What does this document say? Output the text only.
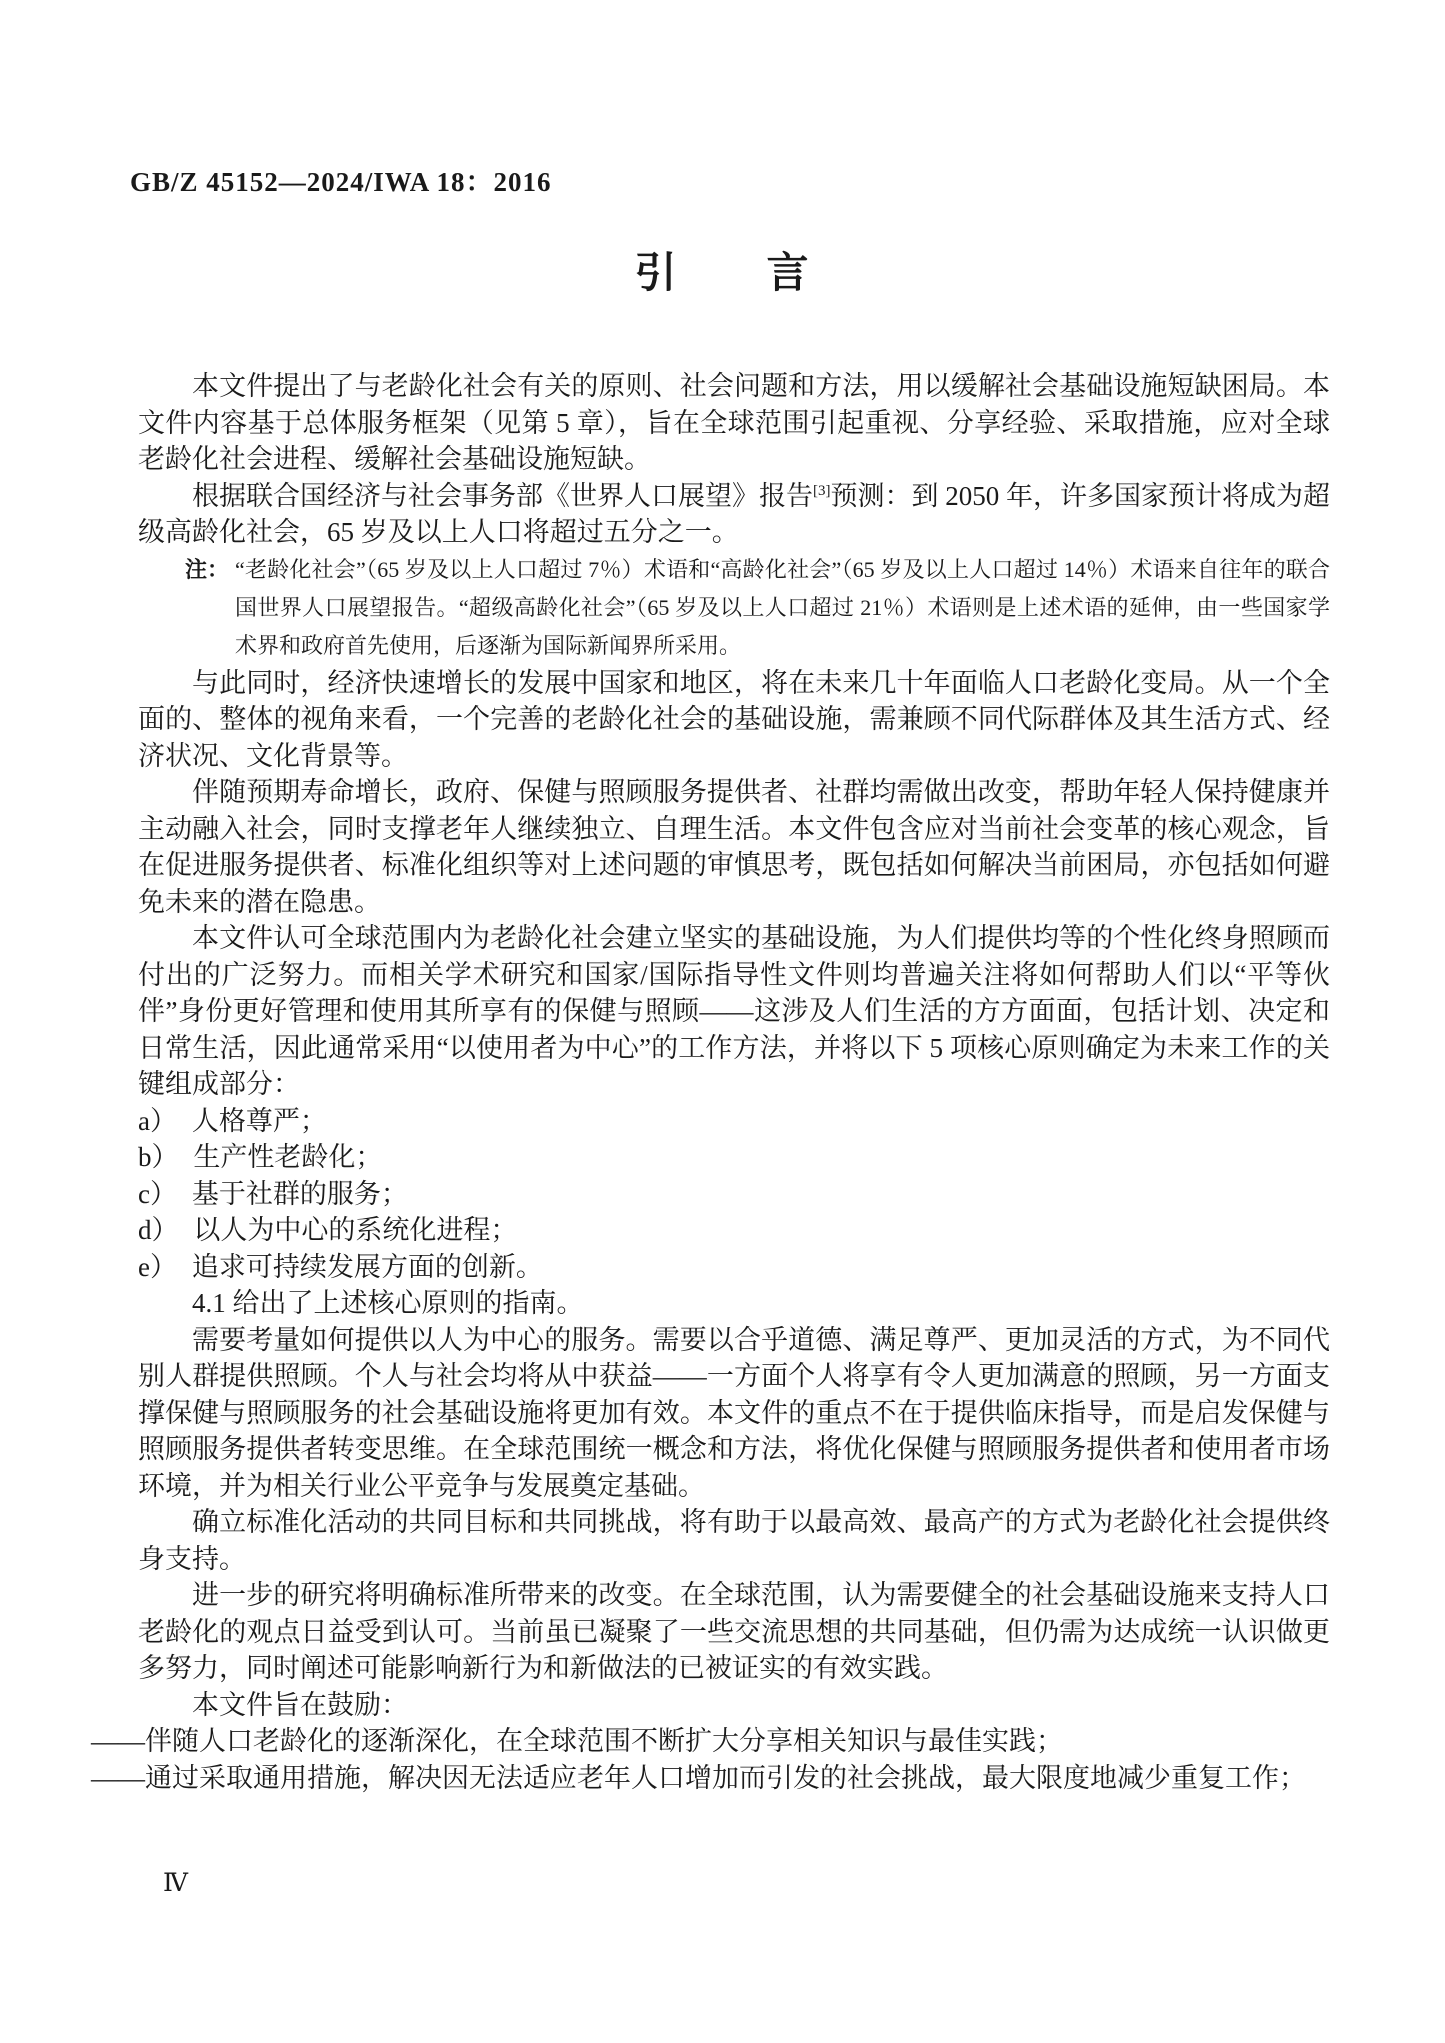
GB/Z 45152—2024/IWA 18：2016
引　　言

本文件提出了与老龄化社会有关的原则、社会问题和方法，用以缓解社会基础设施短缺困局。本文件内容基于总体服务框架（见第 5 章），旨在全球范围引起重视、分享经验、采取措施，应对全球老龄化社会进程、缓解社会基础设施短缺。

根据联合国经济与社会事务部《世界人口展望》报告[3]预测：到 2050 年，许多国家预计将成为超级高龄化社会，65 岁及以上人口将超过五分之一。

注： “老龄化社会”（65 岁及以上人口超过 7％）术语和“高龄化社会”（65 岁及以上人口超过 14％）术语来自往年的联合国世界人口展望报告。“超级高龄化社会”（65 岁及以上人口超过 21％）术语则是上述术语的延伸，由一些国家学术界和政府首先使用，后逐渐为国际新闻界所采用。

与此同时，经济快速增长的发展中国家和地区，将在未来几十年面临人口老龄化变局。从一个全面的、整体的视角来看，一个完善的老龄化社会的基础设施，需兼顾不同代际群体及其生活方式、经济状况、文化背景等。

伴随预期寿命增长，政府、保健与照顾服务提供者、社群均需做出改变，帮助年轻人保持健康并主动融入社会，同时支撑老年人继续独立、自理生活。本文件包含应对当前社会变革的核心观念，旨在促进服务提供者、标准化组织等对上述问题的审慎思考，既包括如何解决当前困局，亦包括如何避免未来的潜在隐患。

本文件认可全球范围内为老龄化社会建立坚实的基础设施，为人们提供均等的个性化终身照顾而付出的广泛努力。而相关学术研究和国家/国际指导性文件则均普遍关注将如何帮助人们以“平等伙伴”身份更好管理和使用其所享有的保健与照顾——这涉及人们生活的方方面面，包括计划、决定和日常生活，因此通常采用“以使用者为中心”的工作方法，并将以下 5 项核心原则确定为未来工作的关键组成部分：

a） 人格尊严；

b） 生产性老龄化；

c） 基于社群的服务；

d） 以人为中心的系统化进程；

e） 追求可持续发展方面的创新。

4.1 给出了上述核心原则的指南。

需要考量如何提供以人为中心的服务。需要以合乎道德、满足尊严、更加灵活的方式，为不同代别人群提供照顾。个人与社会均将从中获益——一方面个人将享有令人更加满意的照顾，另一方面支撑保健与照顾服务的社会基础设施将更加有效。本文件的重点不在于提供临床指导，而是启发保健与照顾服务提供者转变思维。在全球范围统一概念和方法，将优化保健与照顾服务提供者和使用者市场环境，并为相关行业公平竞争与发展奠定基础。

确立标准化活动的共同目标和共同挑战，将有助于以最高效、最高产的方式为老龄化社会提供终身支持。

进一步的研究将明确标准所带来的改变。在全球范围，认为需要健全的社会基础设施来支持人口老龄化的观点日益受到认可。当前虽已凝聚了一些交流思想的共同基础，但仍需为达成统一认识做更多努力，同时阐述可能影响新行为和新做法的已被证实的有效实践。

本文件旨在鼓励：

——伴随人口老龄化的逐渐深化，在全球范围不断扩大分享相关知识与最佳实践；

——通过采取通用措施，解决因无法适应老年人口增加而引发的社会挑战，最大限度地减少重复工作；

Ⅳ
